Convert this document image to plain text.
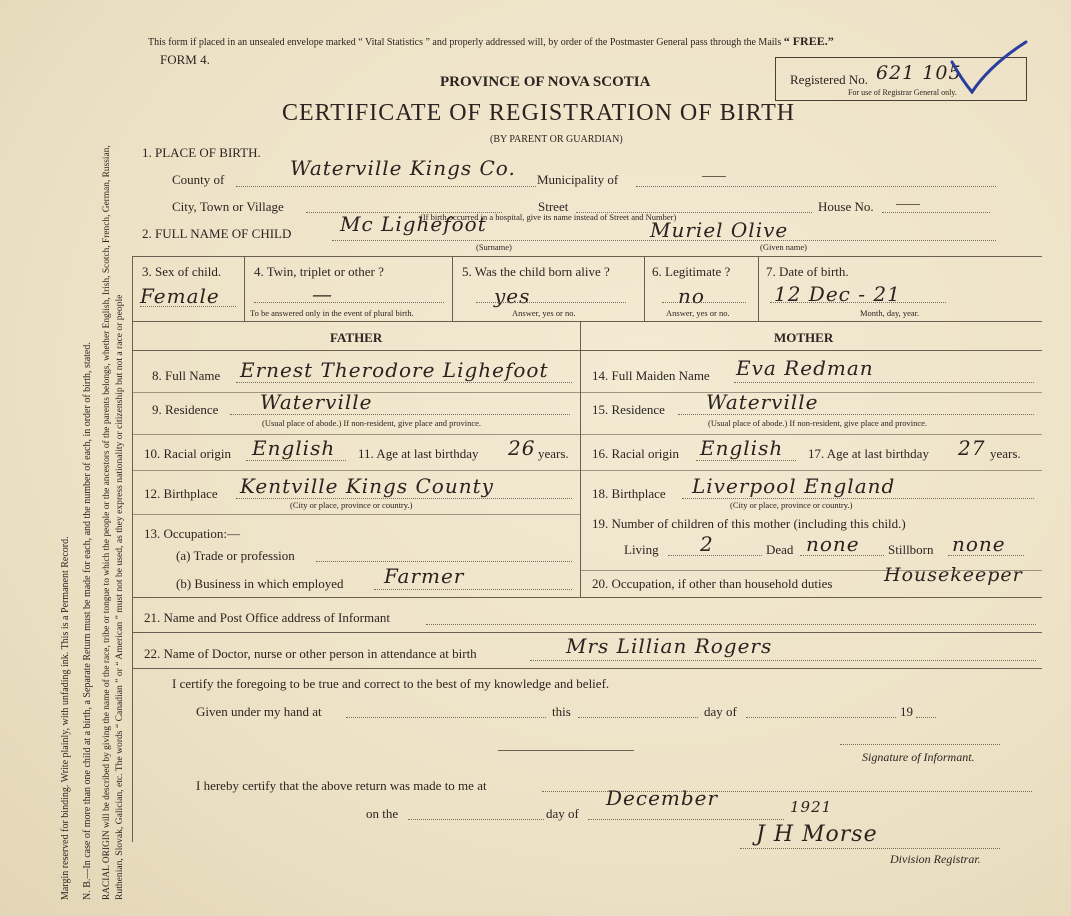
Margin reserved for binding. Write plainly, with unfading ink. This is a Permanent Record. N. B.—In case of more than one child at a birth, a Separate Return must be made for each, and the number of each, in order of birth, stated. RACIAL ORIGIN will be described by giving the name of the race, tribe or tongue to which the people or the ancestors of the parents belongs, whether English, Irish, Scotch, French, German, Russian, Ruthenian, Slovak, Galician, etc. The words “ Canadian ” or “ American ” must not be used, as they express nationality or citizenship but not a race or people
This form if placed in an unsealed envelope marked “ Vital Statistics ” and properly addressed will, by order of the Postmaster General pass through the Mails “ FREE.”
FORM 4.
PROVINCE OF NOVA SCOTIA
CERTIFICATE OF REGISTRATION OF BIRTH
(BY PARENT OR GUARDIAN)
Registered No. 621 105
For use of Registrar General only.
1. PLACE OF BIRTH.
County of	Waterville Kings Co. Municipality of
City, Town or Village	Street	House No.
(If birth occurred in a hospital, give its name instead of Street and Number)
2. FULL NAME OF CHILD Mc Lighefoot
(Surname)
Muriel Olive
(Given name)
3. Sex of child.
Female
4. Twin, triplet or other ?
—
To be answered only in the event of plural birth.
5. Was the child born alive ?
yes
Answer, yes or no.
6. Legitimate ?
no
Answer, yes or no.
7. Date of birth.
12 Dec - 21
Month, day, year.
FATHER	MOTHER
8. Full Name Ernest Therodore Lighefoot
9. Residence Waterville
(Usual place of abode.) If non-resident, give place and province.
10. Racial origin English 11. Age at last birthday 26 years.
12. Birthplace Kentville Kings County
(City or place, province or country.)
13. Occupation:—
(a) Trade or profession
(b) Business in which employed Farmer
14. Full Maiden Name Eva Redman
15. Residence Waterville
(Usual place of abode.) If non-resident, give place and province.
16. Racial origin English 17. Age at last birthday 27 years.
18. Birthplace Liverpool England
(City or place, province or country.)
19. Number of children of this mother (including this child.)
Living 2	Dead none Stillborn none
20. Occupation, if other than household duties	Housekeeper
21. Name and Post Office address of Informant
22. Name of Doctor, nurse or other person in attendance at birth	Mrs Lillian Rogers
I certify the foregoing to be true and correct to the best of my knowledge and belief.
Given under my hand at	this	day of	19
Signature of Informant.
I hereby certify that the above return was made to me at
on the	day of
December	1921
J H Morse
Division Registrar.
